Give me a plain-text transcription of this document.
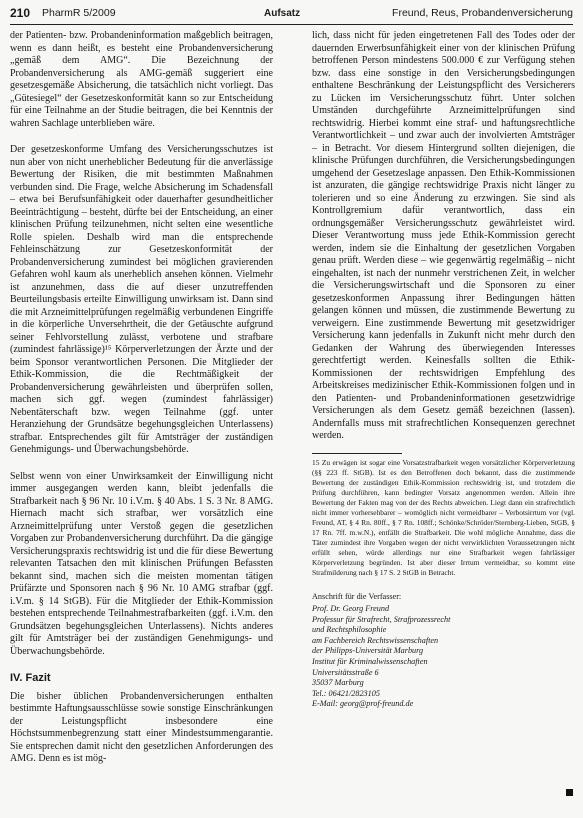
210 PharmR 5/2009	Aufsatz	Freund, Reus, Probandenversicherung

der Patienten- bzw. Probandeninformation maßgeblich beitragen, wenn es dann heißt, es besteht eine Probandenversicherung „gemäß dem AMG“. Die Bezeichnung der Probandenversicherung als AMG-gemäß suggeriert eine gesetzesgemäße Absicherung, die tatsächlich nicht vorliegt. Das „Gütesiegel“ der Gesetzeskonformität kann so zur Entscheidung für eine Teilnahme an der Studie beitragen, die bei Kenntnis der wahren Sachlage unterblieben wäre.

Der gesetzeskonforme Umfang des Versicherungsschutzes ist nun aber von nicht unerheblicher Bedeutung für die anverlässige Bewertung der Risiken, die mit bestimmten Maßnahmen verbunden sind. Die Frage, welche Absicherung im Schadensfall – etwa bei Berufsunfähigkeit oder dauerhafter gesundheitlicher Beeinträchtigung – besteht, dürfte bei der Entscheidung, an einer klinischen Prüfung teilzunehmen, nicht selten eine wesentliche Rolle spielen. Deshalb wird man die entsprechende Fehleinschätzung zur Gesetzeskonformität der Probandenversicherung zumindest bei möglichen gravierenden Gefahren wohl kaum als unerheblich ansehen können. Vielmehr ist anzunehmen, dass die auf dieser unzutreffenden Beurteilungsbasis erteilte Einwilligung unwirksam ist. Dann sind die mit Arzneimittelprüfungen regelmäßig verbundenen Eingriffe in die körperliche Unversehrtheit, die der Getäuschte aufgrund seiner Fehlvorstellung zulässt, verbotene und strafbare (zumindest fahrlässige)¹⁵ Körperverletzungen der Ärzte und der beim Sponsor verantwortlichen Personen. Die Mitglieder der Ethik-Kommission, die die Rechtmäßigkeit der Probandenversicherung gewährleisten und überprüfen sollen, machen sich ggf. wegen (zumindest fahrlässiger) Nebentäterschaft bzw. wegen Teilnahme (ggf. unter Heranziehung der Grundsätze begehungsgleichen Unterlassens) strafbar. Entsprechendes gilt für Amtsträger der zuständigen Genehmigungs- und Überwachungsbehörde.

Selbst wenn von einer Unwirksamkeit der Einwilligung nicht immer ausgegangen werden kann, bleibt jedenfalls die Strafbarkeit nach § 96 Nr. 10 i.V.m. § 40 Abs. 1 S. 3 Nr. 8 AMG. Hiernach macht sich strafbar, wer vorsätzlich eine Arzneimittelprüfung unter Verstoß gegen die gesetzlichen Vorgaben zur Probandenversicherung durchführt. Da die gängige Versicherungspraxis rechtswidrig ist und die für diese Bewertung relevanten Tatsachen den mit klinischen Prüfungen Befassten bekannt sind, machen sich die meisten momentan tätigen Prüfärzte und Sponsoren nach § 96 Nr. 10 AMG strafbar (ggf. i.V.m. § 14 StGB). Für die Mitglieder der Ethik-Kommission bestehen entsprechende Teilnahmestrafbarkeiten (ggf. i.V.m. den Grundsätzen begehungsgleichen Unterlassens). Nichts anderes gilt für Amtsträger bei der zuständigen Genehmigungs- und Überwachungsbehörde.

IV. Fazit

Die bisher üblichen Probandenversicherungen enthalten bestimmte Haftungsausschlüsse sowie sonstige Einschränkungen der Leistungspflicht insbesondere eine Höchstsummenbegrenzung statt einer Mindestsummengarantie. Sie entsprechen damit nicht den gesetzlichen Anforderungen des AMG. Denn es ist mög-

lich, dass nicht für jeden eingetretenen Fall des Todes oder der dauernden Erwerbsunfähigkeit einer von der klinischen Prüfung betroffenen Person mindestens 500.000 € zur Verfügung stehen bzw. dass eine sonstige in den Versicherungsbedingungen enthaltene Beschränkung der Leistungspflicht des Versicherers zu Lücken im Versicherungsschutz führt. Unter solchen Umständen durchgeführte Arzneimittelprüfungen sind rechtswidrig. Hierbei kommt eine straf- und haftungsrechtliche Verantwortlichkeit – und zwar auch der involvierten Amtsträger – in Betracht. Vor diesem Hintergrund sollten diejenigen, die klinische Prüfungen durchführen, die Versicherungsbedingungen umgehend der Gesetzeslage anpassen. Den Ethik-Kommissionen ist anzuraten, die gängige rechtswidrige Praxis nicht länger zu tolerieren und so eine Änderung zu erzwingen. Sie sind als Kontrollgremium dafür verantwortlich, dass ein ordnungsgemäßer Versicherungsschutz gewährleistet wird. Dieser Verantwortung muss jede Ethik-Kommission gerecht werden, indem sie die Einhaltung der gesetzlichen Vorgaben genau prüft. Werden diese – wie gegenwärtig regelmäßig – nicht eingehalten, ist nach der nunmehr verstrichenen Zeit, in welcher die Versicherungswirtschaft und die Sponsoren zu einer gesetzeskonformen Anpassung ihrer Bedingungen hätten gelangen können und müssen, die zustimmende Bewertung zu verweigern. Eine zustimmende Bewertung mit gesetzwidriger Versicherung kann jedenfalls in Zukunft nicht mehr durch den Gedanken der Wahrung des überwiegenden Interesses gerechtfertigt werden. Keinesfalls sollten die Ethik-Kommissionen der rechtswidrigen Empfehlung des Arbeitskreises medizinischer Ethik-Kommissionen folgen und in den Patienten- und Probandeninformationen gesetzwidrige Versicherungen als dem Gesetz gemäß bezeichnen (lassen). Andernfalls muss mit strafrechtlichen Konsequenzen gerechnet werden.

15 Zu erwägen ist sogar eine Vorsatzstrafbarkeit wegen vorsätzlicher Körperverletzung (§§ 223 ff. StGB). Ist es den Betroffenen doch bekannt, dass die zustimmende Bewertung der zuständigen Ethik-Kommission rechtswidrig ist, und trotzdem die Prüfung durchführen, kann bedingter Vorsatz angenommen werden. Allein ihre Bewertung der Fakten mag von der des Rechts abweichen. Liegt dann ein strafrechtlich nicht immer vorhersehbarer – womöglich nicht vermeidbarer – Verbotsirrtum vor (vgl. Freund, AT, § 4 Rn. 80ff., § 7 Rn. 108ff.; Schönke/Schröder/Sternberg-Lieben, StGB, § 17 Rn. 7ff. m.w.N.), entfällt die Strafbarkeit. Die wohl mögliche Annahme, dass die Täter zumindest ihre Vorgaben wegen der nicht verwirklichten Voraussetzungen nicht erfüllt sehen, würde allerdings nur eine Strafbarkeit wegen fahrlässiger Körperverletzung begründen. Ist aber dieser Irrtum vermeidbar, so kommt eine Strafmilderung nach § 17 S. 2 StGB in Betracht.

Anschrift für die Verfasser:

Prof. Dr. Georg Freund

Professur für Strafrecht, Strafprozessrecht

und Rechtsphilosophie

am Fachbereich Rechtswissenschaften

der Philipps-Universität Marburg

Institut für Kriminalwissenschaften

Universitätsstraße 6

35037 Marburg

Tel.: 06421/2823105

E-Mail: georg@prof-freund.de
